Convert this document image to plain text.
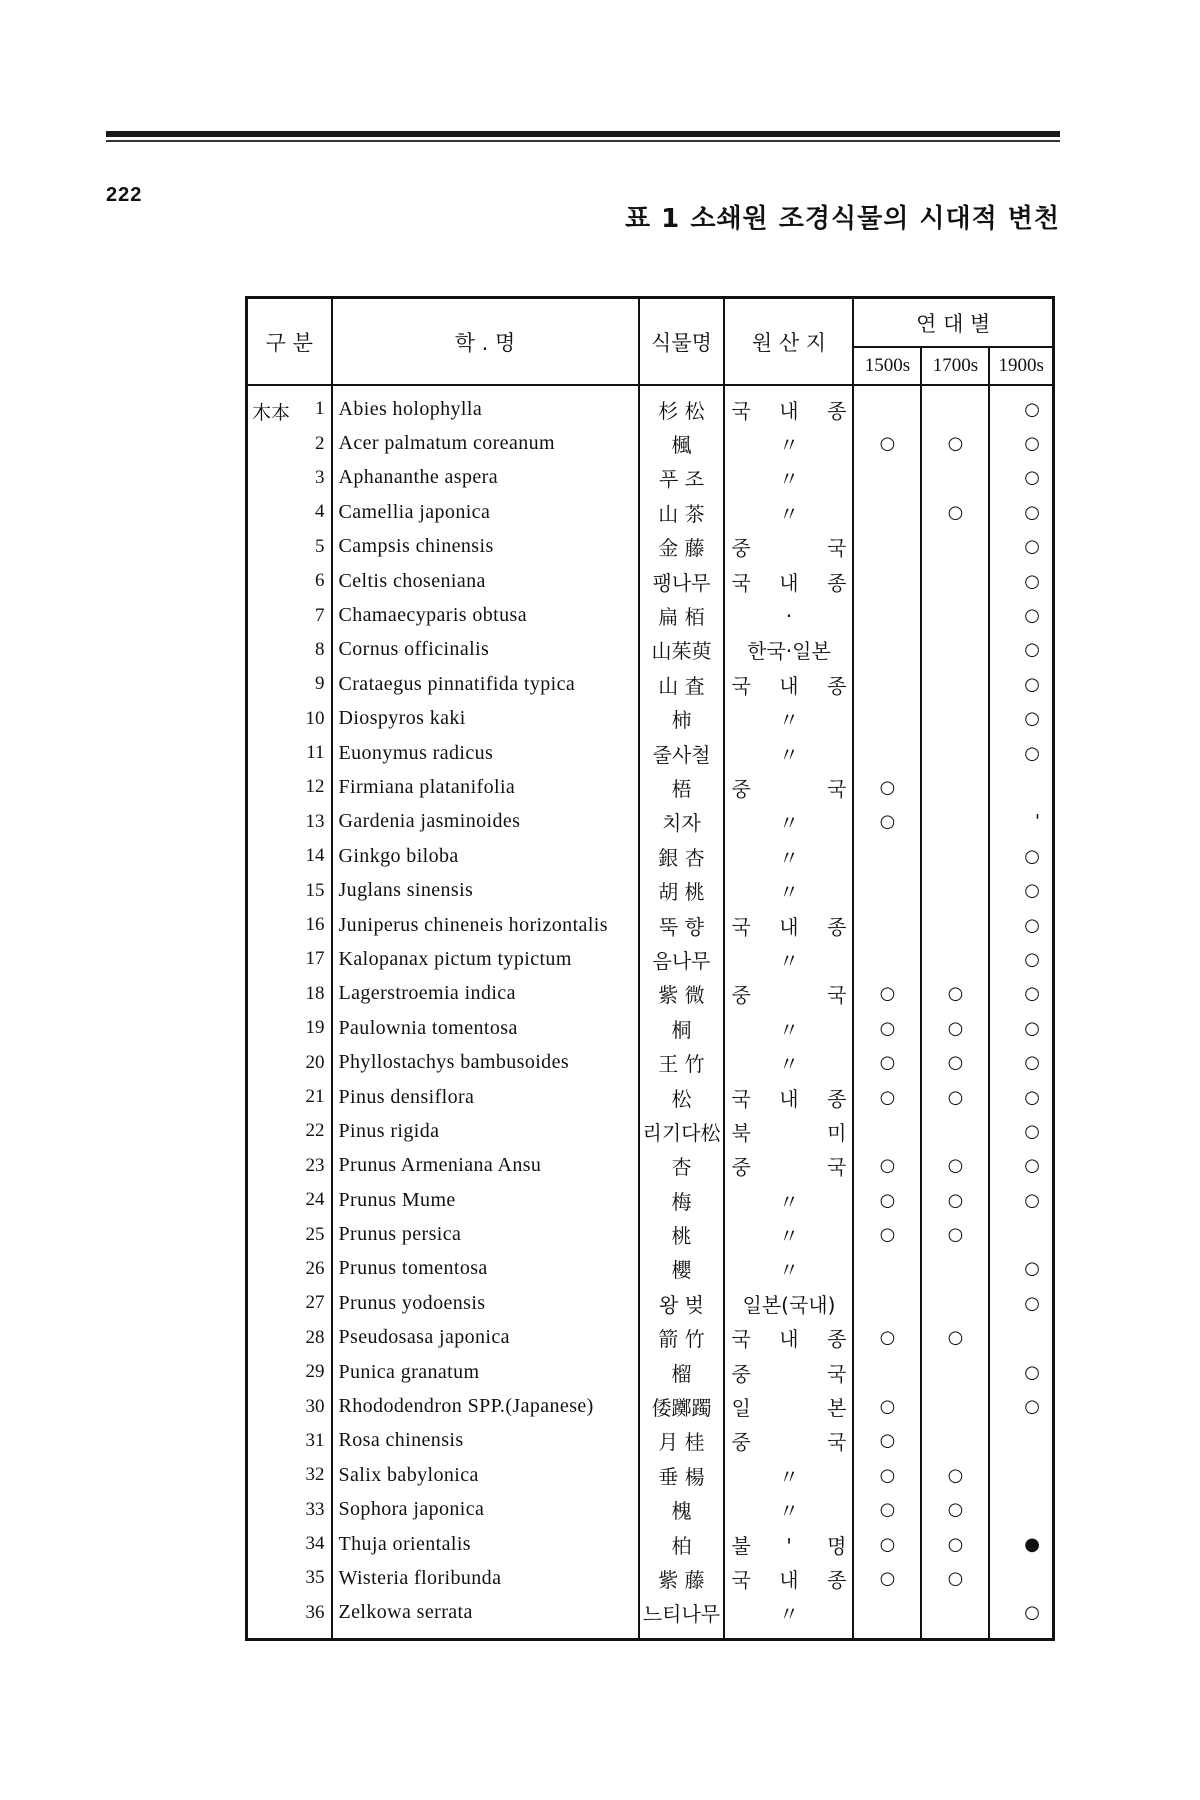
222
표 1 소쇄원 조경식물의 시대적 변천
구 분	학 . 명	식물명	원 산 지	연 대 별		
				1500s	1700s	1900s

木本 1	Abies holophylla	杉 松	국 내 종			○
2	Acer palmatum coreanum	楓	〃	○	○	○
3	Aphananthe aspera	푸 조	〃			○
4	Camellia japonica	山 茶	〃		○	○
5	Campsis chinensis	金 藤	중 국			○
6	Celtis choseniana	팽나무	국 내 종			○
7	Chamaecyparis obtusa	扁 栢	·			○
8	Cornus officinalis	山茱萸	한국·일본			○
9	Crataegus pinnatifida typica	山 査	국 내 종			○
10	Diospyros kaki	柿	〃			○
11	Euonymus radicus	줄사철	〃			○
12	Firmiana platanifolia	梧	중 국	○		
13	Gardenia jasminoides	치자	〃	○		'
14	Ginkgo biloba	銀 杏	〃			○
15	Juglans sinensis	胡 桃	〃			○
16	Juniperus chineneis horizontalis	뚝 향	국 내 종			○
17	Kalopanax pictum typictum	음나무	〃			○
18	Lagerstroemia indica	紫 微	중 국	○	○	○
19	Paulownia tomentosa	桐	〃	○	○	○
20	Phyllostachys bambusoides	王 竹	〃	○	○	○
21	Pinus densiflora	松	국 내 종	○	○	○
22	Pinus rigida	리기다松	북 미			○
23	Prunus Armeniana Ansu	杏	중 국	○	○	○
24	Prunus Mume	梅	〃	○	○	○
25	Prunus persica	桃	〃	○	○	
26	Prunus tomentosa	櫻	〃			○
27	Prunus yodoensis	왕 벚	일본(국내)			○
28	Pseudosasa japonica	箭 竹	국 내 종	○	○	
29	Punica granatum	榴	중 국			○
30	Rhododendron SPP.(Japanese)	倭躑躅	일 본	○		○
31	Rosa chinensis	月 桂	중 국	○		
32	Salix babylonica	垂 楊	〃	○	○	
33	Sophora japonica	槐	〃	○	○	
34	Thuja orientalis	柏	불 ' 명	○	○	●
35	Wisteria floribunda	紫 藤	국 내 종	○	○	
36	Zelkowa serrata	느티나무	〃			○
